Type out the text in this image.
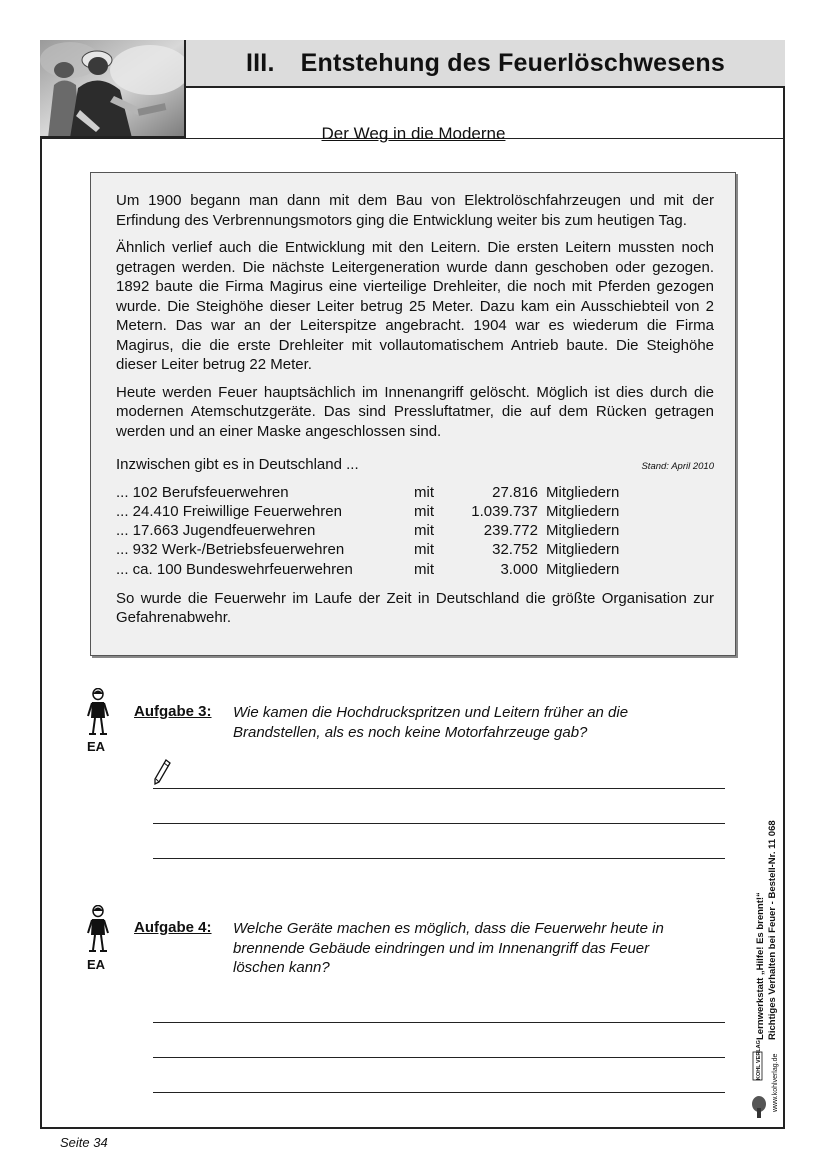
III. Entstehung des Feuerlöschwesens
Der Weg in die Moderne

Um 1900 begann man dann mit dem Bau von Elektrolöschfahrzeugen und mit der Erfindung des Verbrennungsmotors ging die Entwicklung weiter bis zum heutigen Tag.

Ähnlich verlief auch die Entwicklung mit den Leitern. Die ersten Leitern mussten noch getragen werden. Die nächste Leitergeneration wurde dann geschoben oder gezogen. 1892 baute die Firma Magirus eine vierteilige Drehleiter, die noch mit Pferden gezogen wurde. Die Steighöhe dieser Leiter betrug 25 Meter. Dazu kam ein Ausschiebteil von 2 Metern. Das war an der Leiterspitze angebracht. 1904 war es wiederum die Firma Magirus, die die erste Drehleiter mit vollautomatischem Antrieb baute. Die Steighöhe dieser Leiter betrug 22 Meter.

Heute werden Feuer hauptsächlich im Innenangriff gelöscht. Möglich ist dies durch die modernen Atemschutzgeräte. Das sind Pressluftatmer, die auf dem Rücken getragen werden und an einer Maske angeschlossen sind.

Inzwischen gibt es in Deutschland ...	Stand: April 2010
... 102 Berufsfeuerwehren	mit	27.816	Mitgliedern
... 24.410 Freiwillige Feuerwehren	mit	1.039.737	Mitgliedern
... 17.663 Jugendfeuerwehren	mit	239.772	Mitgliedern
... 932 Werk-/Betriebsfeuerwehren	mit	32.752	Mitgliedern
... ca. 100 Bundeswehrfeuerwehren	mit	3.000	Mitgliedern

So wurde die Feuerwehr im Laufe der Zeit in Deutschland die größte Organisation zur Gefahrenabwehr.

EA
Aufgabe 3:	Wie kamen die Hochdruckspritzen und Leitern früher an die Brandstellen, als es noch keine Motorfahrzeuge gab?
EA
Aufgabe 4:	Welche Geräte machen es möglich, dass die Feuerwehr heute in brennende Gebäude eindringen und im Innenangriff das Feuer löschen kann?	Lernwerkstatt „Hilfe! Es brennt!“ Richtiges Verhalten bei Feuer - Bestell-Nr. 11 068
www.kohlverlag.de
KOHL VERLAG
Seite 34
